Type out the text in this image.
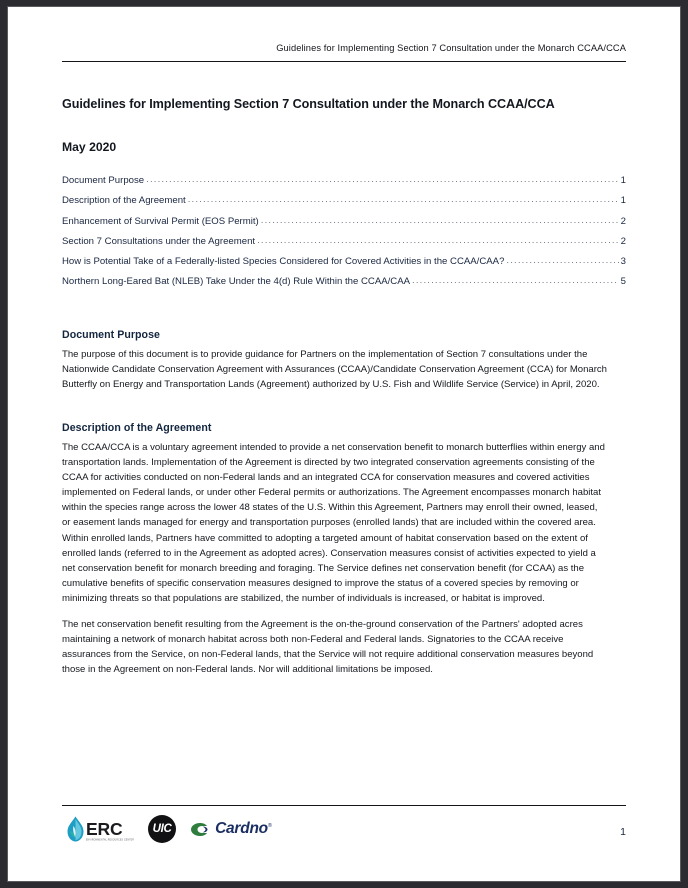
Guidelines for Implementing Section 7 Consultation under the Monarch CCAA/CCA
Guidelines for Implementing Section 7 Consultation under the Monarch CCAA/CCA
May 2020
Document Purpose .....	1
Description of the Agreement .....	1
Enhancement of Survival Permit (EOS Permit) .....	2
Section 7 Consultations under the Agreement .....	2
How is Potential Take of a Federally-listed Species Considered for Covered Activities in the CCAA/CAA? .....	3
Northern Long-Eared Bat (NLEB) Take Under the 4(d) Rule Within the CCAA/CAA .....	5
Document Purpose

The purpose of this document is to provide guidance for Partners on the implementation of Section 7 consultations under the Nationwide Candidate Conservation Agreement with Assurances (CCAA)/Candidate Conservation Agreement (CCA) for Monarch Butterfly on Energy and Transportation Lands (Agreement) authorized by U.S. Fish and Wildlife Service (Service) in April, 2020.

Description of the Agreement

The CCAA/CCA is a voluntary agreement intended to provide a net conservation benefit to monarch butterflies within energy and transportation lands. Implementation of the Agreement is directed by two integrated conservation agreements consisting of the CCAA for activities conducted on non-Federal lands and an integrated CCA for conservation measures and covered activities implemented on Federal lands, or under other Federal permits or authorizations. The Agreement encompasses monarch habitat within the species range across the lower 48 states of the U.S. Within this Agreement, Partners may enroll their owned, leased, or easement lands managed for energy and transportation purposes (enrolled lands) that are included within the covered area. Within enrolled lands, Partners have committed to adopting a targeted amount of habitat conservation based on the extent of enrolled lands (referred to in the Agreement as adopted acres). Conservation measures consist of activities expected to yield a net conservation benefit for monarch breeding and foraging. The Service defines net conservation benefit (for CCAA) as the cumulative benefits of specific conservation measures designed to improve the status of a covered species by removing or minimizing threats so that populations are stabilized, the number of individuals is increased, or habitat is improved.

The net conservation benefit resulting from the Agreement is the on-the-ground conservation of the Partners' adopted acres maintaining a network of monarch habitat across both non-Federal and Federal lands. Signatories to the CCAA receive assurances from the Service, on non-Federal lands, that the Service will not require additional conservation measures beyond those in the Agreement on non-Federal lands. Nor will additional limitations be imposed.

ERC
ENVIRONMENTAL RESOURCES CENTER
UIC	Cardno®
1
